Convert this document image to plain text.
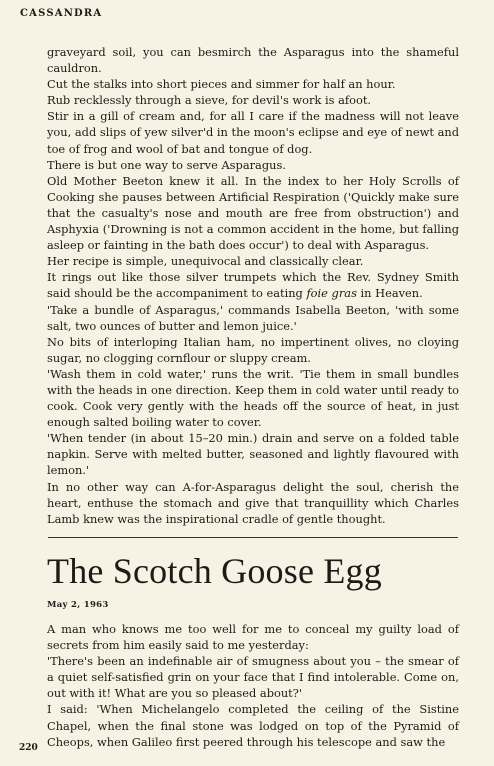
CASSANDRA

graveyard soil, you can besmirch the Asparagus into the shameful cauldron.

Cut the stalks into short pieces and simmer for half an hour.

Rub recklessly through a sieve, for devil's work is afoot.

Stir in a gill of cream and, for all I care if the madness will not leave you, add slips of yew silver'd in the moon's eclipse and eye of newt and toe of frog and wool of bat and tongue of dog.

There is but one way to serve Asparagus.

Old Mother Beeton knew it all. In the index to her Holy Scrolls of Cooking she pauses between Artificial Respiration ('Quickly make sure that the casualty's nose and mouth are free from obstruction') and Asphyxia ('Drowning is not a common accident in the home, but falling asleep or fainting in the bath does occur') to deal with Asparagus.

Her recipe is simple, unequivocal and classically clear.

It rings out like those silver trumpets which the Rev. Sydney Smith said should be the accompaniment to eating foie gras in Heaven.

'Take a bundle of Asparagus,' commands Isabella Beeton, 'with some salt, two ounces of butter and lemon juice.'

No bits of interloping Italian ham, no impertinent olives, no cloying sugar, no clogging cornflour or sluppy cream.

'Wash them in cold water,' runs the writ. 'Tie them in small bundles with the heads in one direction. Keep them in cold water until ready to cook. Cook very gently with the heads off the source of heat, in just enough salted boiling water to cover.

'When tender (in about 15–20 min.) drain and serve on a folded table napkin. Serve with melted butter, seasoned and lightly flavoured with lemon.'

In no other way can A-for-Asparagus delight the soul, cherish the heart, enthuse the stomach and give that tranquillity which Charles Lamb knew was the inspirational cradle of gentle thought.

The Scotch Goose Egg
May 2, 1963

A man who knows me too well for me to conceal my guilty load of secrets from him easily said to me yesterday:

'There's been an indefinable air of smugness about you – the smear of a quiet self-satisfied grin on your face that I find intolerable. Come on, out with it! What are you so pleased about?'

I said: 'When Michelangelo completed the ceiling of the Sistine Chapel, when the final stone was lodged on top of the Pyramid of Cheops, when Galileo first peered through his telescope and saw the

220
